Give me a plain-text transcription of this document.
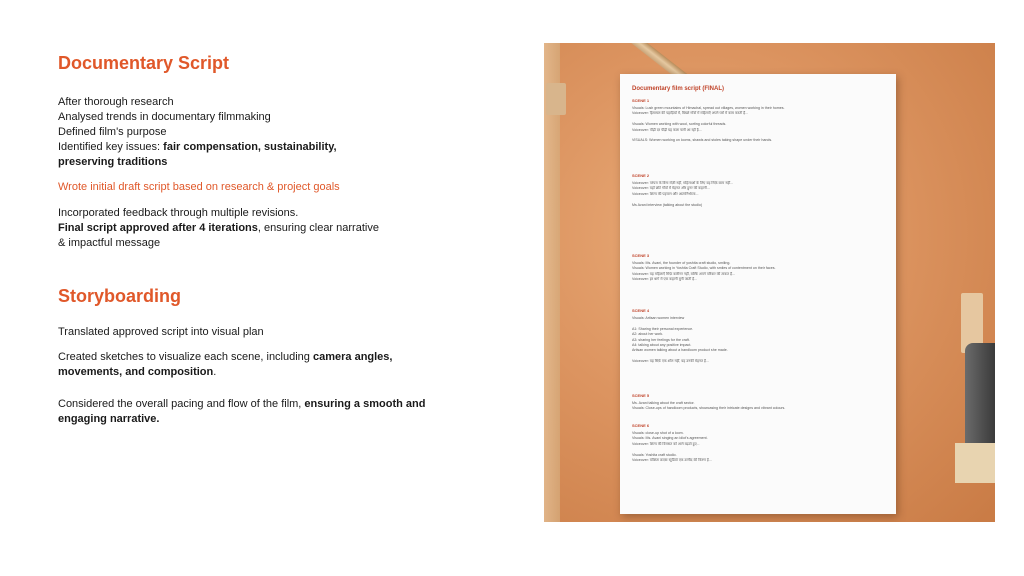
Documentary Script

After thorough research

Analysed trends in documentary filmmaking

Defined film's purpose

Identified key issues: fair compensation, sustainability,

preserving traditions

Wrote initial draft script based on research & project goals

Incorporated feedback through multiple revisions.

Final script approved after 4 iterations, ensuring clear narrative

& impactful message

Storyboarding

Translated approved script into visual plan

Created sketches to visualize each scene, including camera angles,
movements, and composition.

Considered the overall pacing and flow of the film, ensuring a smooth and
engaging narrative.

Documentary film script (FINAL)
SCENE 1
Visuals: Lush green mountains of Himachal, spread out villages, women working in their homes.
Voiceover: हिमाचल की पहाड़ियों में, बिखरे गाँवों में महिलाएँ अपने घरों में काम करती हैं...
Visuals: Women working with wool, sorting colorful threads.
Voiceover: पीढ़ी दर पीढ़ी यह कला चली आ रही है...
VISUALS: Women working on looms, shawls and stoles taking shape under their hands.
SCENE 2
Voiceover: परंपरा के बिना रोज़ी नहीं, महिलाओं के लिए यह सिर्फ़ काम नहीं...
Voiceover: यहाँ छोटे गाँवों में मेहनत और हुनर की कहानी...
Voiceover: शिल्प की पहचान और आत्मनिर्भरता...
Ms Avani interview (talking about the studio)
SCENE 3
Visuals: Ms. Avani, the founder of yoshita craft studio, smiling.
Visuals: Women working in Yoshita Craft Studio, with smiles of contentment on their faces.
Voiceover: यह महिलाएँ सिर्फ़ कारीगर नहीं, बल्कि अपने परिवार की ताकत हैं...
Voiceover: हर धागे में एक कहानी बुनी जाती है...
SCENE 4
Visuals: Artisan women interview
A1: Sharing their personal experience.
A2: about her work.
A3: sharing her feelings for the craft.
A4: talking about any positive impact.
Artisan women talking about a handloom product she made.
Voiceover: यह सिर्फ़ एक शॉल नहीं, यह उनकी मेहनत है...
SCENE 5
Ms. Avani talking about the craft sector.
Visuals: Close-ups of handloom products, showcasing their intricate designs and vibrant colours.
SCENE 6
Visuals: close-up shot of a loom.
Visuals: Ms. Avani singing an idiot's agreement.
Voiceover: शिल्प की विरासत को आगे बढ़ाते हुए...
Visuals: Yoshita craft studio.
Voiceover: योशिता क्राफ़्ट स्टूडियो एक उम्मीद की किरण है...
